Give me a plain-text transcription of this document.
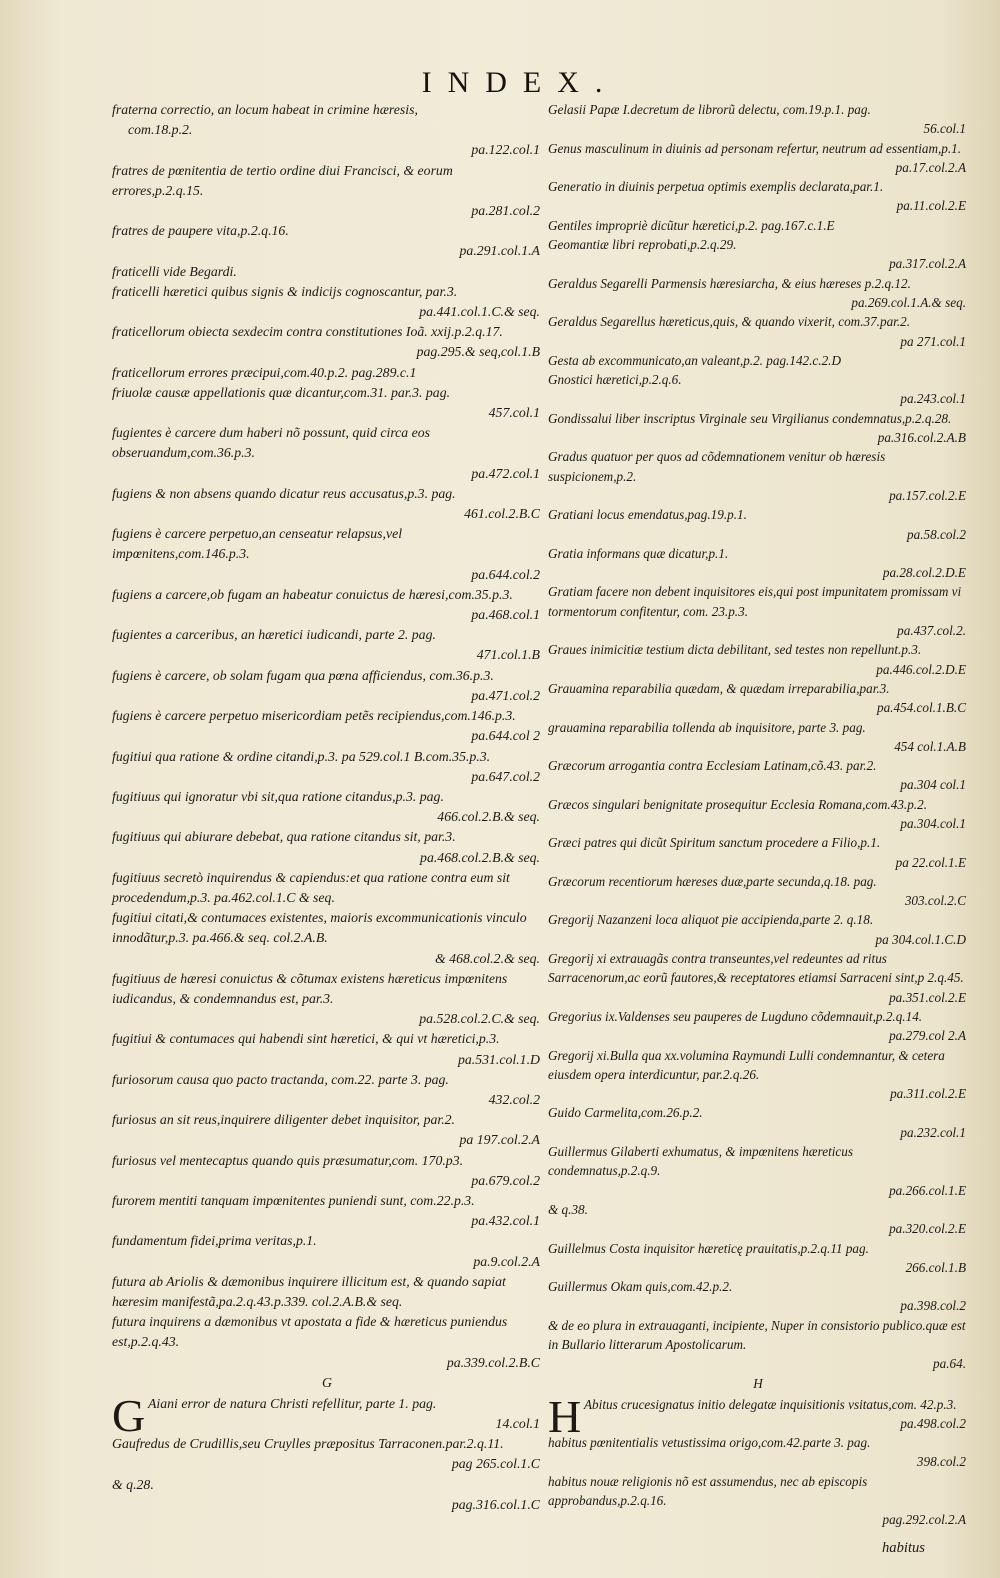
INDEX.
fraterna correctio, an locum habeat in crimine hæresis,
com.18.p.2.
pa.122.col.1
fratres de pœnitentia de tertio ordine diui Francisci, & eorum errores,p.2.q.15.
pa.281.col.2
fratres de paupere vita,p.2.q.16.
pa.291.col.1.A
fraticelli vide Begardi.
fraticelli hæretici quibus signis & indicijs cognoscantur, par.3.
pa.441.col.1.C.& seq.
fraticellorum obiecta sexdecim contra constitutiones Ioã. xxij.p.2.q.17.
pag.295.& seq,col.1.B
fraticellorum errores præcipui,com.40.p.2. pag.289.c.1
friuolæ causæ appellationis quæ dicantur,com.31. par.3. pag.
457.col.1
fugientes è carcere dum haberi nõ possunt, quid circa eos obseruandum,com.36.p.3.
pa.472.col.1
fugiens & non absens quando dicatur reus accusatus,p.3. pag.
461.col.2.B.C
fugiens è carcere perpetuo,an censeatur relapsus,vel impœnitens,com.146.p.3.
pa.644.col.2
fugiens a carcere,ob fugam an habeatur conuictus de hæresi,com.35.p.3.
pa.468.col.1
fugientes a carceribus, an hæretici iudicandi, parte 2. pag.
471.col.1.B
fugiens è carcere, ob solam fugam qua pœna afficiendus, com.36.p.3.
pa.471.col.2
fugiens è carcere perpetuo misericordiam petẽs recipiendus,com.146.p.3.
pa.644.col 2
fugitiui qua ratione & ordine citandi,p.3. pa 529.col.1 B.com.35.p.3.
pa.647.col.2
fugitiuus qui ignoratur vbi sit,qua ratione citandus,p.3. pag.
466.col.2.B.& seq.
fugitiuus qui abiurare debebat, qua ratione citandus sit, par.3.
pa.468.col.2.B.& seq.
fugitiuus secretò inquirendus & capiendus:et qua ratione contra eum sit procedendum,p.3. pa.462.col.1.C & seq.
fugitiui citati,& contumaces existentes, maioris excommunicationis vinculo innodãtur,p.3. pa.466.& seq. col.2.A.B.
& 468.col.2.& seq.
fugitiuus de hæresi conuictus & cõtumax existens hæreticus impœnitens iudicandus, & condemnandus est, par.3.
pa.528.col.2.C.& seq.
fugitiui & contumaces qui habendi sint hæretici, & qui vt hæretici,p.3.
pa.531.col.1.D
furiosorum causa quo pacto tractanda, com.22. parte 3. pag.
432.col.2
furiosus an sit reus,inquirere diligenter debet inquisitor, par.2.
pa 197.col.2.A
furiosus vel mentecaptus quando quis præsumatur,com. 170.p3.
pa.679.col.2
furorem mentiti tanquam impœnitentes puniendi sunt, com.22.p.3.
pa.432.col.1
fundamentum fidei,prima veritas,p.1.
pa.9.col.2.A
futura ab Ariolis & dæmonibus inquirere illicitum est, & quando sapiat hæresim manifestã,pa.2.q.43.p.339. col.2.A.B.& seq.
futura inquirens a dæmonibus vt apostata a fide & hæreticus puniendus est,p.2.q.43.
pa.339.col.2.B.C

G

G Aiani error de natura Christi refellitur, parte 1. pag.
14.col.1
Gaufredus de Crudillis,seu Cruylles præpositus Tarraconen.par.2.q.11.
pag 265.col.1.C
& q.28.
pag.316.col.1.C
Gelasii Papæ I.decretum de librorũ delectu, com.19.p.1. pag.
56.col.1
Genus masculinum in diuinis ad personam refertur, neutrum ad essentiam,p.1.
pa.17.col.2.A
Generatio in diuinis perpetua optimis exemplis declarata,par.1.
pa.11.col.2.E
Gentiles impropriè dicũtur hæretici,p.2. pag.167.c.1.E
Geomantiæ libri reprobati,p.2.q.29.
pa.317.col.2.A
Geraldus Segarelli Parmensis hæresiarcha, & eius hæreses p.2.q.12.
pa.269.col.1.A.& seq.
Geraldus Segarellus hæreticus,quis, & quando vixerit, com.37.par.2.
pa 271.col.1
Gesta ab excommunicato,an valeant,p.2. pag.142.c.2.D
Gnostici hæretici,p.2.q.6.
pa.243.col.1
Gondissalui liber inscriptus Virginale seu Virgilianus condemnatus,p.2.q.28.
pa.316.col.2.A.B
Gradus quatuor per quos ad cõdemnationem venitur ob hæresis suspicionem,p.2.
pa.157.col.2.E
Gratiani locus emendatus,pag.19.p.1.
pa.58.col.2
Gratia informans quæ dicatur,p.1.
pa.28.col.2.D.E
Gratiam facere non debent inquisitores eis,qui post impunitatem promissam vi tormentorum confitentur, com. 23.p.3.
pa.437.col.2.
Graues inimicitiæ testium dicta debilitant, sed testes non repellunt.p.3.
pa.446.col.2.D.E
Grauamina reparabilia quædam, & quædam irreparabilia,par.3.
pa.454.col.1.B.C
grauamina reparabilia tollenda ab inquisitore, parte 3. pag.
454 col.1.A.B
Græcorum arrogantia contra Ecclesiam Latinam,cõ.43. par.2.
pa.304 col.1
Græcos singulari benignitate prosequitur Ecclesia Romana,com.43.p.2.
pa.304.col.1
Græci patres qui dicũt Spiritum sanctum procedere a Filio,p.1.
pa 22.col.1.E
Græcorum recentiorum hæreses duæ,parte secunda,q.18. pag.
303.col.2.C
Gregorij Nazanzeni loca aliquot pie accipienda,parte 2. q.18.
pa 304.col.1.C.D
Gregorij xi extrauagãs contra transeuntes,vel redeuntes ad ritus Sarracenorum,ac eorũ fautores,& receptatores etiamsi Sarraceni sint,p 2.q.45.
pa.351.col.2.E
Gregorius ix.Valdenses seu pauperes de Lugduno cõdemnauit,p.2.q.14.
pa.279.col 2.A
Gregorij xi.Bulla qua xx.volumina Raymundi Lulli condemnantur, & cetera eiusdem opera interdicuntur, par.2.q.26.
pa.311.col.2.E
Guido Carmelita,com.26.p.2.
pa.232.col.1
Guillermus Gilaberti exhumatus, & impœnitens hæreticus condemnatus,p.2.q.9.
pa.266.col.1.E
& q.38.
pa.320.col.2.E
Guillelmus Costa inquisitor hæreticę prauitatis,p.2.q.11 pag.
266.col.1.B
Guillermus Okam quis,com.42.p.2.
pa.398.col.2
& de eo plura in extrauaganti, incipiente, Nuper in consistorio publico.quæ est in Bullario litterarum Apostolicarum.
pa.64.

H

H Abitus crucesignatus initio delegatæ inquisitionis vsitatus,com. 42.p.3.
pa.498.col.2
habitus pœnitentialis vetustissima origo,com.42.parte 3. pag.
398.col.2
habitus nouæ religionis nõ est assumendus, nec ab episcopis approbandus,p.2.q.16.
pag.292.col.2.A
habitus
